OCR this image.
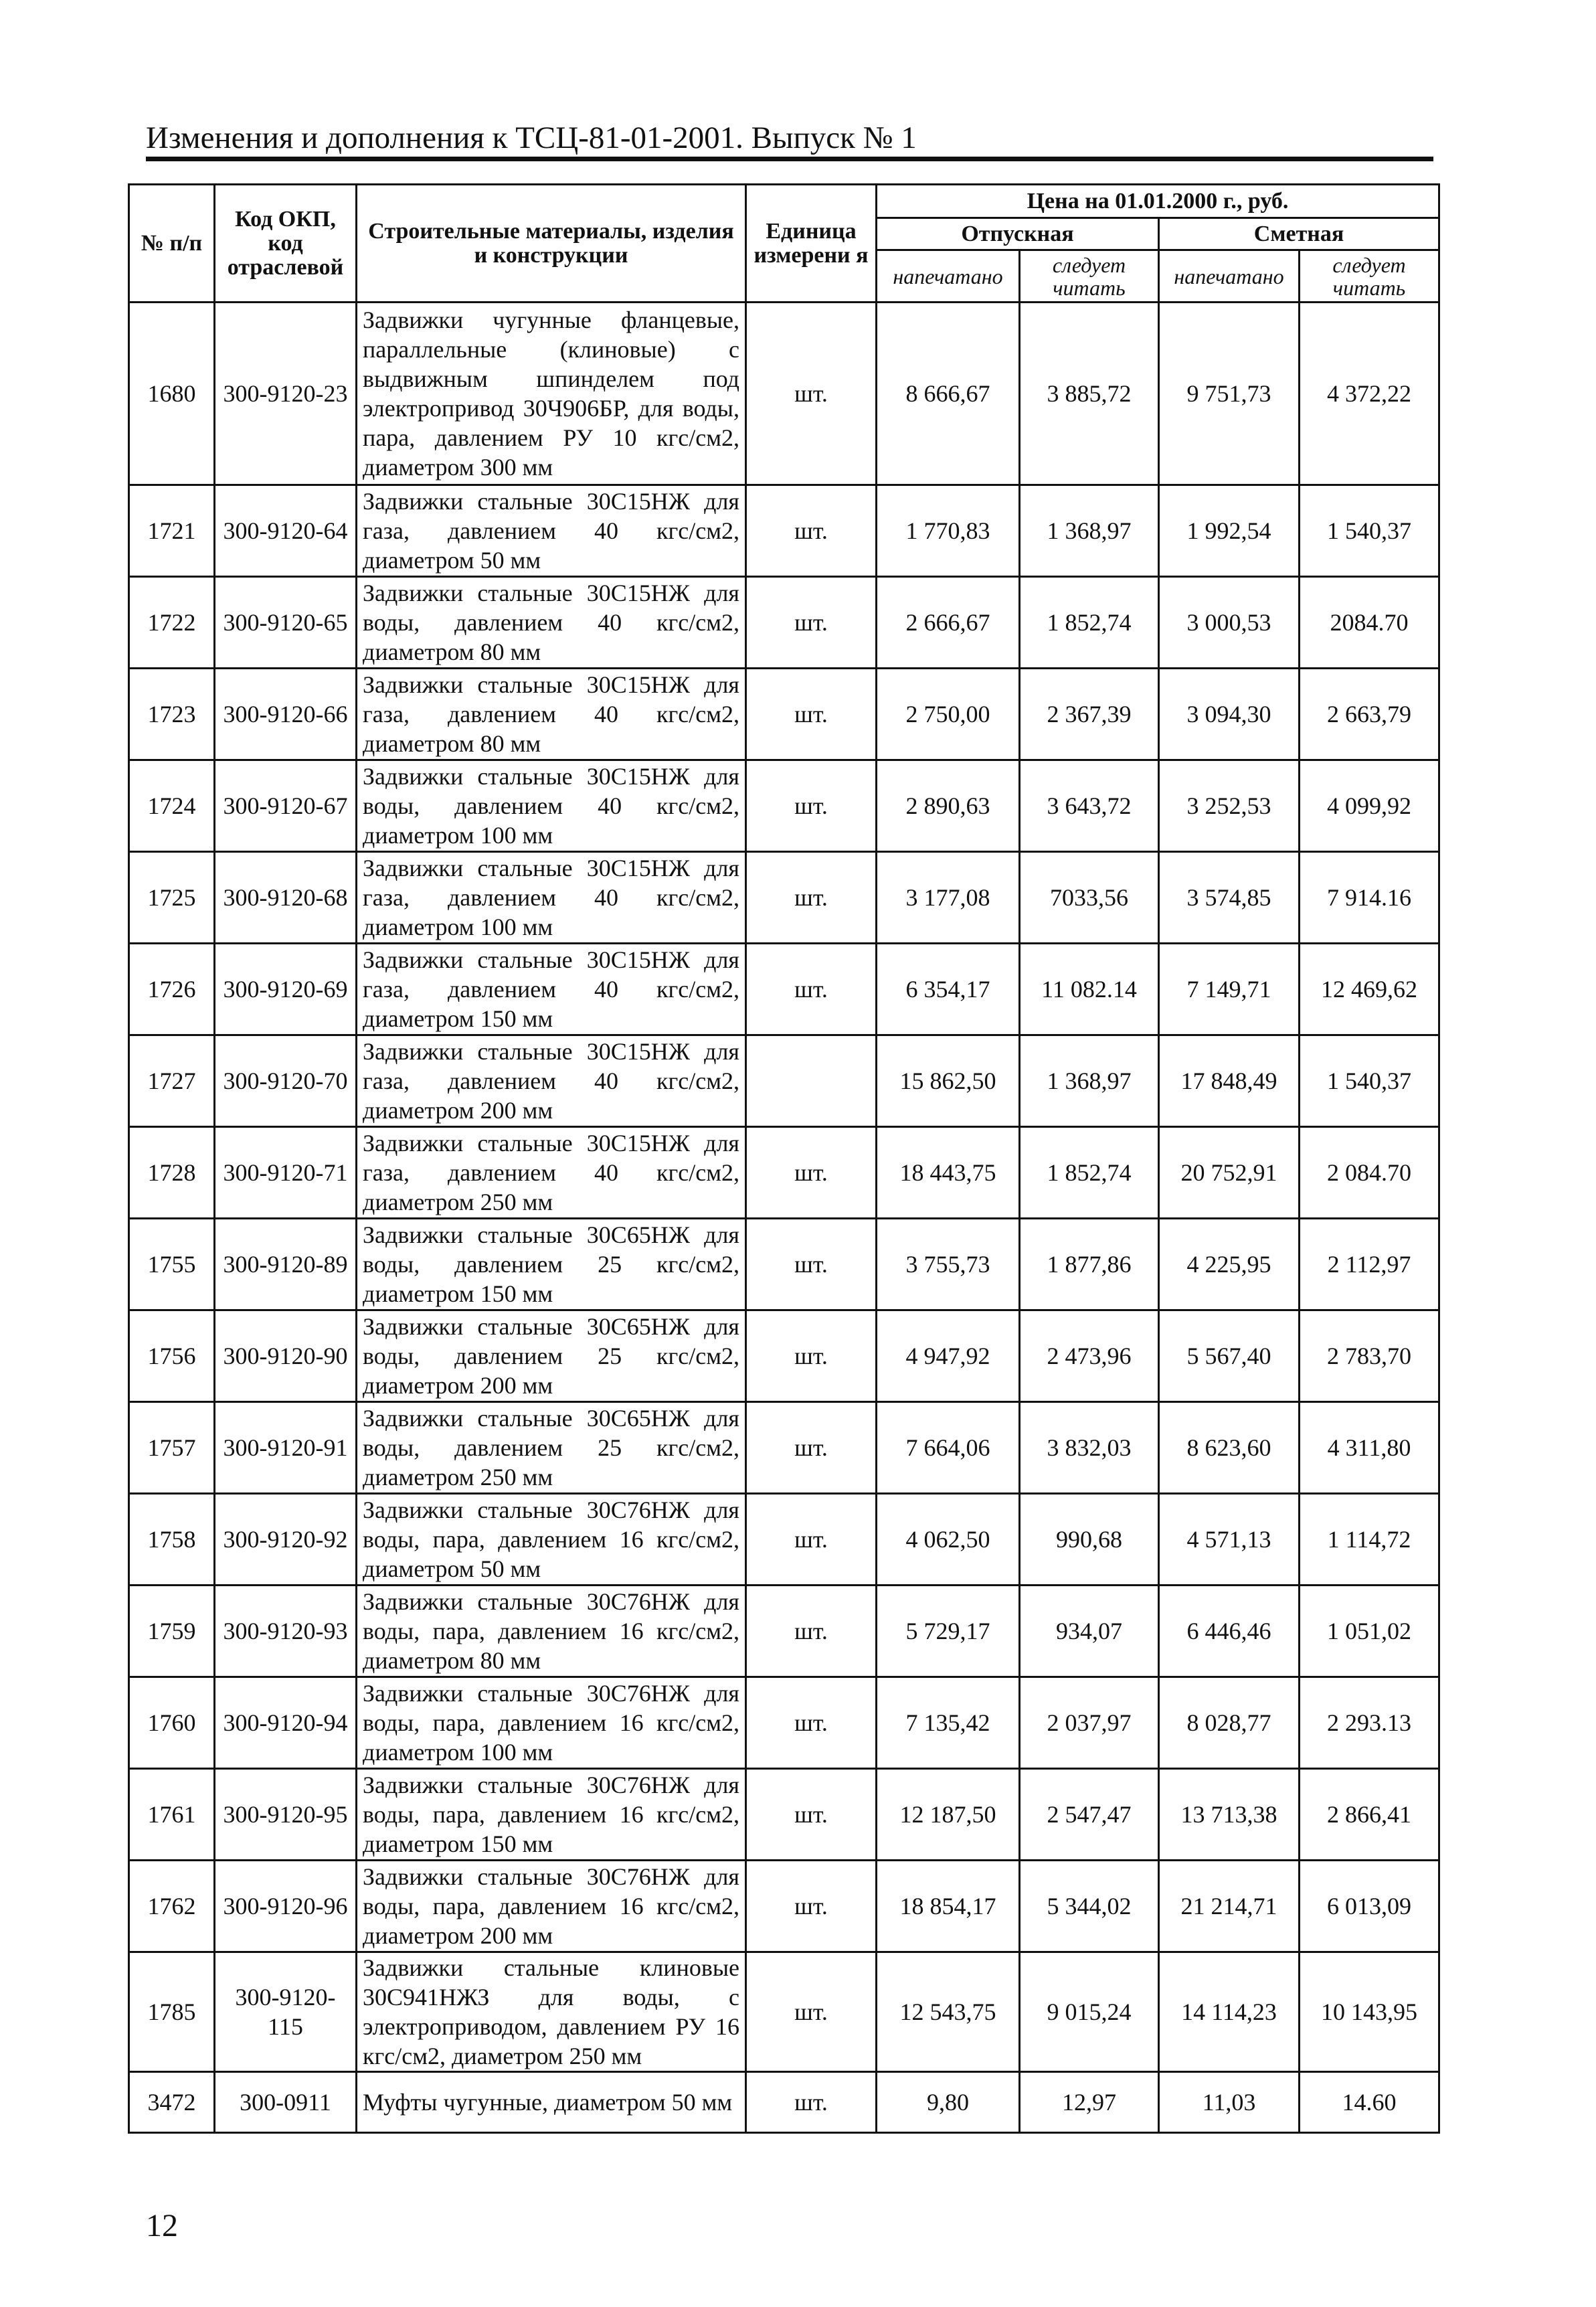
Изменения и дополнения к ТСЦ-81-01-2001. Выпуск № 1
№ п/п	Код ОКП, код отраслевой	Строительные материалы, изделия и конструкции	Единица измерени я	Цена на 01.01.2000 г., руб.			
				Отпускная		Сметная	
				напечатано	следует читать	напечатано	следует читать
1680	300-9120-23	Задвижки чугунные фланцевые, параллельные (клиновые) с выдвижным шпинделем под электропривод 30Ч906БР, для воды, пара, давлением РУ 10 кгс/см2, диаметром 300 мм	шт.	8 666,67	3 885,72	9 751,73	4 372,22
1721	300-9120-64	Задвижки стальные 30С15НЖ для газа, давлением 40 кгс/см2, диаметром 50 мм	шт.	1 770,83	1 368,97	1 992,54	1 540,37
1722	300-9120-65	Задвижки стальные 30С15НЖ для воды, давлением 40 кгс/см2, диаметром 80 мм	шт.	2 666,67	1 852,74	3 000,53	2084.70
1723	300-9120-66	Задвижки стальные 30С15НЖ для газа, давлением 40 кгс/см2, диаметром 80 мм	шт.	2 750,00	2 367,39	3 094,30	2 663,79
1724	300-9120-67	Задвижки стальные 30С15НЖ для воды, давлением 40 кгс/см2, диаметром 100 мм	шт.	2 890,63	3 643,72	3 252,53	4 099,92
1725	300-9120-68	Задвижки стальные 30С15НЖ для газа, давлением 40 кгс/см2, диаметром 100 мм	шт.	3 177,08	7033,56	3 574,85	7 914.16
1726	300-9120-69	Задвижки стальные 30С15НЖ для газа, давлением 40 кгс/см2, диаметром 150 мм	шт.	6 354,17	11 082.14	7 149,71	12 469,62
1727	300-9120-70	Задвижки стальные 30С15НЖ для газа, давлением 40 кгс/см2, диаметром 200 мм		15 862,50	1 368,97	17 848,49	1 540,37
1728	300-9120-71	Задвижки стальные 30С15НЖ для газа, давлением 40 кгс/см2, диаметром 250 мм	шт.	18 443,75	1 852,74	20 752,91	2 084.70
1755	300-9120-89	Задвижки стальные 30С65НЖ для воды, давлением 25 кгс/см2, диаметром 150 мм	шт.	3 755,73	1 877,86	4 225,95	2 112,97
1756	300-9120-90	Задвижки стальные 30С65НЖ для воды, давлением 25 кгс/см2, диаметром 200 мм	шт.	4 947,92	2 473,96	5 567,40	2 783,70
1757	300-9120-91	Задвижки стальные 30С65НЖ для воды, давлением 25 кгс/см2, диаметром 250 мм	шт.	7 664,06	3 832,03	8 623,60	4 311,80
1758	300-9120-92	Задвижки стальные 30С76НЖ для воды, пара, давлением 16 кгс/см2, диаметром 50 мм	шт.	4 062,50	990,68	4 571,13	1 114,72
1759	300-9120-93	Задвижки стальные 30С76НЖ для воды, пара, давлением 16 кгс/см2, диаметром 80 мм	шт.	5 729,17	934,07	6 446,46	1 051,02
1760	300-9120-94	Задвижки стальные 30С76НЖ для воды, пара, давлением 16 кгс/см2, диаметром 100 мм	шт.	7 135,42	2 037,97	8 028,77	2 293.13
1761	300-9120-95	Задвижки стальные 30С76НЖ для воды, пара, давлением 16 кгс/см2, диаметром 150 мм	шт.	12 187,50	2 547,47	13 713,38	2 866,41
1762	300-9120-96	Задвижки стальные 30С76НЖ для воды, пара, давлением 16 кгс/см2, диаметром 200 мм	шт.	18 854,17	5 344,02	21 214,71	6 013,09
1785	300-9120-115	Задвижки стальные клиновые 30С941НЖЗ для воды, с электроприводом, давлением РУ 16 кгс/см2, диаметром 250 мм	шт.	12 543,75	9 015,24	14 114,23	10 143,95
3472	300-0911	Муфты чугунные, диаметром 50 мм	шт.	9,80	12,97	11,03	14.60
12
